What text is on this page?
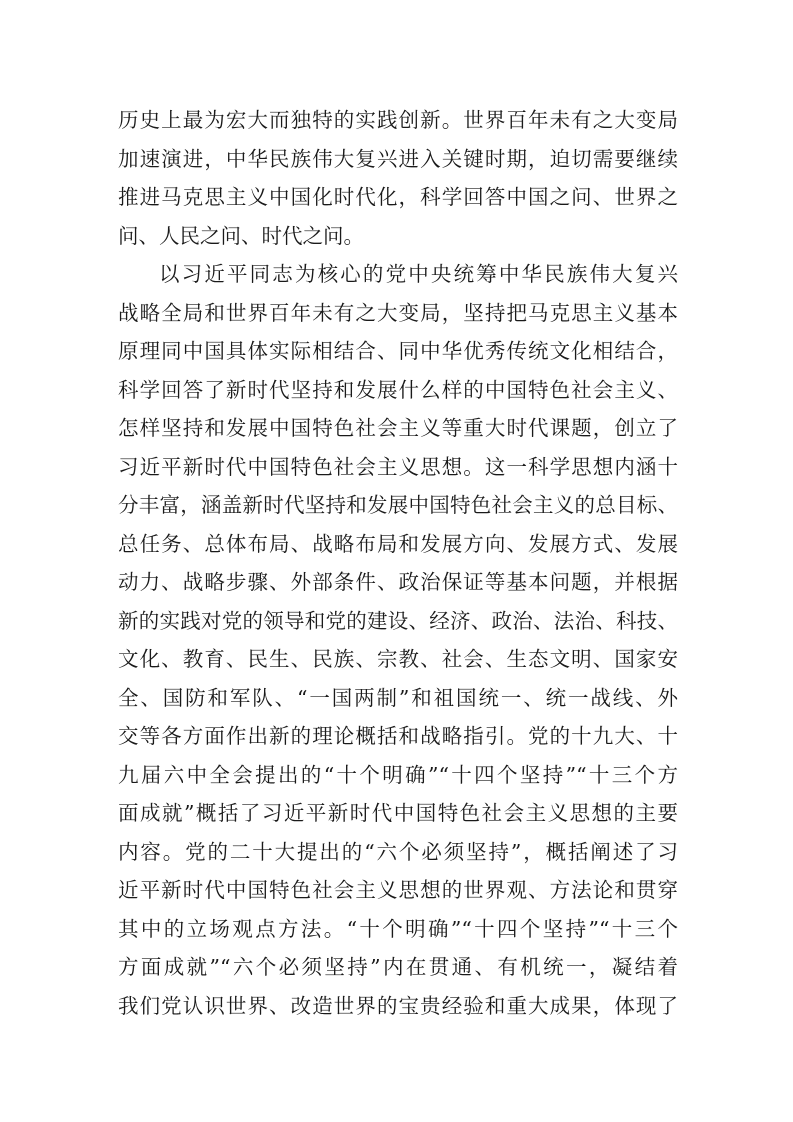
历史上最为宏大而独特的实践创新。世界百年未有之大变局
加速演进，中华民族伟大复兴进入关键时期，迫切需要继续
推进马克思主义中国化时代化，科学回答中国之问、世界之
问、人民之问、时代之问。
以习近平同志为核心的党中央统筹中华民族伟大复兴
战略全局和世界百年未有之大变局，坚持把马克思主义基本
原理同中国具体实际相结合、同中华优秀传统文化相结合，
科学回答了新时代坚持和发展什么样的中国特色社会主义、
怎样坚持和发展中国特色社会主义等重大时代课题，创立了
习近平新时代中国特色社会主义思想。这一科学思想内涵十
分丰富，涵盖新时代坚持和发展中国特色社会主义的总目标、
总任务、总体布局、战略布局和发展方向、发展方式、发展
动力、战略步骤、外部条件、政治保证等基本问题，并根据
新的实践对党的领导和党的建设、经济、政治、法治、科技、
文化、教育、民生、民族、宗教、社会、生态文明、国家安
全、国防和军队、“一国两制”和祖国统一、统一战线、外
交等各方面作出新的理论概括和战略指引。党的十九大、十
九届六中全会提出的“十个明确”“十四个坚持”“十三个方
面成就”概括了习近平新时代中国特色社会主义思想的主要
内容。党的二十大提出的“六个必须坚持”，概括阐述了习
近平新时代中国特色社会主义思想的世界观、方法论和贯穿
其中的立场观点方法。“十个明确”“十四个坚持”“十三个
方面成就”“六个必须坚持”内在贯通、有机统一，凝结着
我们党认识世界、改造世界的宝贵经验和重大成果，体现了
